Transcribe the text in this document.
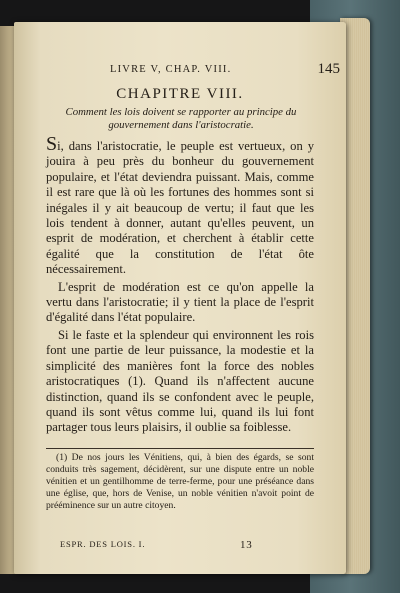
LIVRE V, CHAP. VIII.	145
CHAPITRE VIII.

Comment les lois doivent se rapporter au principe du gouvernement dans l'aristocratie.

Si, dans l'aristocratie, le peuple est vertueux, on y jouira à peu près du bonheur du gouvernement populaire, et l'état deviendra puissant. Mais, comme il est rare que là où les fortunes des hommes sont si inégales il y ait beaucoup de vertu; il faut que les lois tendent à donner, autant qu'elles peuvent, un esprit de modération, et cherchent à établir cette égalité que la constitution de l'état ôte nécessairement.

L'esprit de modération est ce qu'on appelle la vertu dans l'aristocratie; il y tient la place de l'esprit d'égalité dans l'état populaire.

Si le faste et la splendeur qui environnent les rois font une partie de leur puissance, la modestie et la simplicité des manières font la force des nobles aristocratiques (1). Quand ils n'affectent aucune distinction, quand ils se confondent avec le peuple, quand ils sont vêtus comme lui, quand ils lui font partager tous leurs plaisirs, il oublie sa foiblesse.

(1) De nos jours les Vénitiens, qui, à bien des égards, se sont conduits très sagement, décidèrent, sur une dispute entre un noble vénitien et un gentilhomme de terre-ferme, pour une préséance dans une église, que, hors de Venise, un noble vénitien n'avoit point de prééminence sur un autre citoyen.

ESPR. DES LOIS. I.	13
